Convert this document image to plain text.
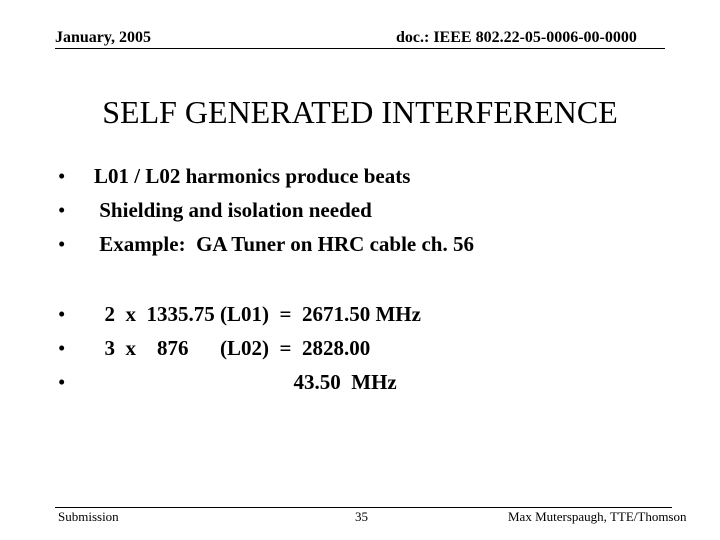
January, 2005	doc.: IEEE 802.22-05-0006-00-0000
SELF GENERATED INTERFERENCE
• L01 / L02 harmonics produce beats
• Shielding and isolation needed
• Example:  GA Tuner on HRC cable ch. 56
• 2  x  1335.75 (L01)  =  2671.50 MHz
• 3  x    876      (L02)  =  2828.00
• 43.50  MHz
Submission	35	Max Muterspaugh, TTE/Thomson
